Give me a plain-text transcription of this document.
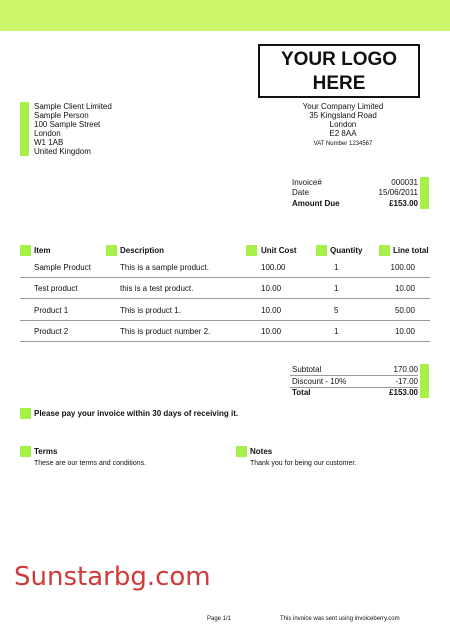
YOUR LOGO
HERE
Sample Client Limited
Sample Person
100 Sample Street
London
W1 1AB
United Kingdom
Your Company Limited
35 Kingsland Road
London
E2 8AA
VAT Number 1234567
Invoice#	000031
Date	15/06/2011
Amount Due	£153.00
Item	Description	Unit Cost	Quantity	Line total
Sample Product	This is a sample product.	100.00	1	100.00
Test product	this is a test product.	10.00	1	10.00
Product 1	This is product 1.	10.00	5	50.00
Product 2	This is product number 2.	10.00	1	10.00
Subtotal	170.00
Discount - 10%	-17.00
Total	£153.00
Please pay your invoice within 30 days of receiving it.
Terms
These are our terms and conditions.
Notes
Thank you for being our customer.
Sunstarbg.com
Page 1/1	This invoice was sent using invoiceberry.com
